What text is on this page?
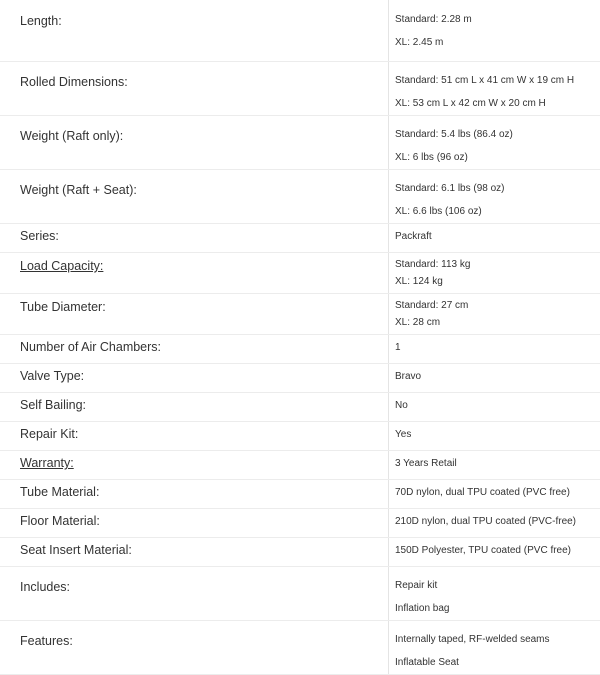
Length:	Standard: 2.28 m
XL: 2.45 m

Rolled Dimensions:	Standard: 51 cm L x 41 cm W x 19 cm H
XL: 53 cm L x 42 cm W x 20 cm H

Weight (Raft only):	Standard: 5.4 lbs (86.4 oz)
XL: 6 lbs (96 oz)

Weight (Raft + Seat):	Standard: 6.1 lbs (98 oz)
XL: 6.6 lbs (106 oz)

Series:	Packraft

Load Capacity:	Standard: 113 kg
XL: 124 kg

Tube Diameter:	Standard: 27 cm
XL: 28 cm

Number of Air Chambers:	1

Valve Type:	Bravo

Self Bailing:	No

Repair Kit:	Yes

Warranty:	3 Years Retail

Tube Material:	70D nylon, dual TPU coated (PVC free)

Floor Material:	210D nylon, dual TPU coated (PVC-free)

Seat Insert Material:	150D Polyester, TPU coated (PVC free)

Includes:	Repair kit
Inflation bag

Features:	Internally taped, RF-welded seams
Inflatable Seat
